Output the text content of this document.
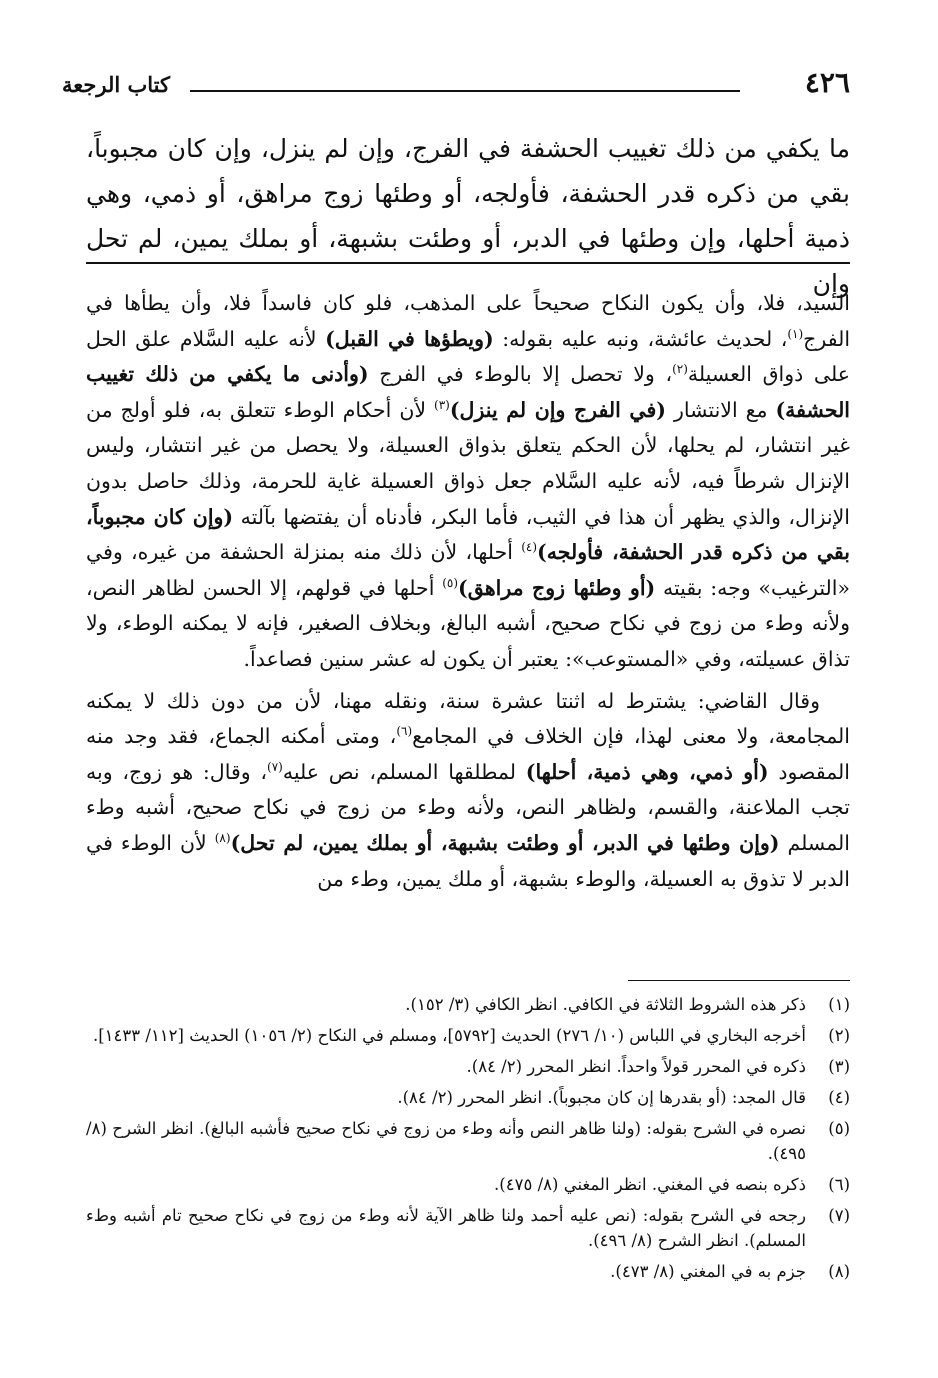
٤٢٦
كتاب الرجعة

ما يكفي من ذلك تغييب الحشفة في الفرج، وإن لم ينزل، وإن كان مجبوباً، بقي من ذكره قدر الحشفة، فأولجه، أو وطئها زوج مراهق، أو ذمي، وهي ذمية أحلها، وإن وطئها في الدبر، أو وطئت بشبهة، أو بملك يمين، لم تحل وإن

السيد، فلا، وأن يكون النكاح صحيحاً على المذهب، فلو كان فاسداً فلا، وأن يطأها في الفرج$^{(١)}$، لحديث عائشة، ونبه عليه بقوله: (ويطؤها في القبل) لأنه عليه السَّلام علق الحل على ذواق العسيلة$^{(٢)}$، ولا تحصل إلا بالوطء في الفرج (وأدنى ما يكفي من ذلك تغييب الحشفة) مع الانتشار (في الفرج وإن لم ينزل)$^{(٣)}$ لأن أحكام الوطء تتعلق به، فلو أولج من غير انتشار، لم يحلها، لأن الحكم يتعلق بذواق العسيلة، ولا يحصل من غير انتشار، وليس الإنزال شرطاً فيه، لأنه عليه السَّلام جعل ذواق العسيلة غاية للحرمة، وذلك حاصل بدون الإنزال، والذي يظهر أن هذا في الثيب، فأما البكر، فأدناه أن يفتضها بآلته (وإن كان مجبوباً، بقي من ذكره قدر الحشفة، فأولجه)$^{(٤)}$ أحلها، لأن ذلك منه بمنزلة الحشفة من غيره، وفي «الترغيب» وجه: بقيته (أو وطئها زوج مراهق)$^{(٥)}$ أحلها في قولهم، إلا الحسن لظاهر النص، ولأنه وطء من زوج في نكاح صحيح، أشبه البالغ، وبخلاف الصغير، فإنه لا يمكنه الوطء، ولا تذاق عسيلته، وفي «المستوعب»: يعتبر أن يكون له عشر سنين فصاعداً.

وقال القاضي: يشترط له اثنتا عشرة سنة، ونقله مهنا، لأن من دون ذلك لا يمكنه المجامعة، ولا معنى لهذا، فإن الخلاف في المجامع$^{(٦)}$، ومتى أمكنه الجماع، فقد وجد منه المقصود (أو ذمي، وهي ذمية، أحلها) لمطلقها المسلم، نص عليه$^{(٧)}$، وقال: هو زوج، وبه تجب الملاعنة، والقسم، ولظاهر النص، ولأنه وطء من زوج في نكاح صحيح، أشبه وطء المسلم (وإن وطئها في الدبر، أو وطئت بشبهة، أو بملك يمين، لم تحل)$^{(٨)}$ لأن الوطء في الدبر لا تذوق به العسيلة، والوطء بشبهة، أو ملك يمين، وطء من

(١)
ذكر هذه الشروط الثلاثة في الكافي. انظر الكافي (٣/ ١٥٢).
(٢)
أخرجه البخاري في اللباس (١٠/ ٢٧٦) الحديث [٥٧٩٢]، ومسلم في النكاح (٢/ ١٠٥٦) الحديث [١١٢/ ١٤٣٣].
(٣)
ذكره في المحرر قولاً واحداً. انظر المحرر (٢/ ٨٤).
(٤)
قال المجد: (أو بقدرها إن كان مجبوباً). انظر المحرر (٢/ ٨٤).
(٥)
نصره في الشرح بقوله: (ولنا ظاهر النص وأنه وطء من زوج في نكاح صحيح فأشبه البالغ). انظر الشرح (٨/ ٤٩٥).
(٦)
ذكره بنصه في المغني. انظر المغني (٨/ ٤٧٥).
(٧)
رجحه في الشرح بقوله: (نص عليه أحمد ولنا ظاهر الآية لأنه وطء من زوج في نكاح صحيح تام أشبه وطء المسلم). انظر الشرح (٨/ ٤٩٦).
(٨)
جزم به في المغني (٨/ ٤٧٣).
